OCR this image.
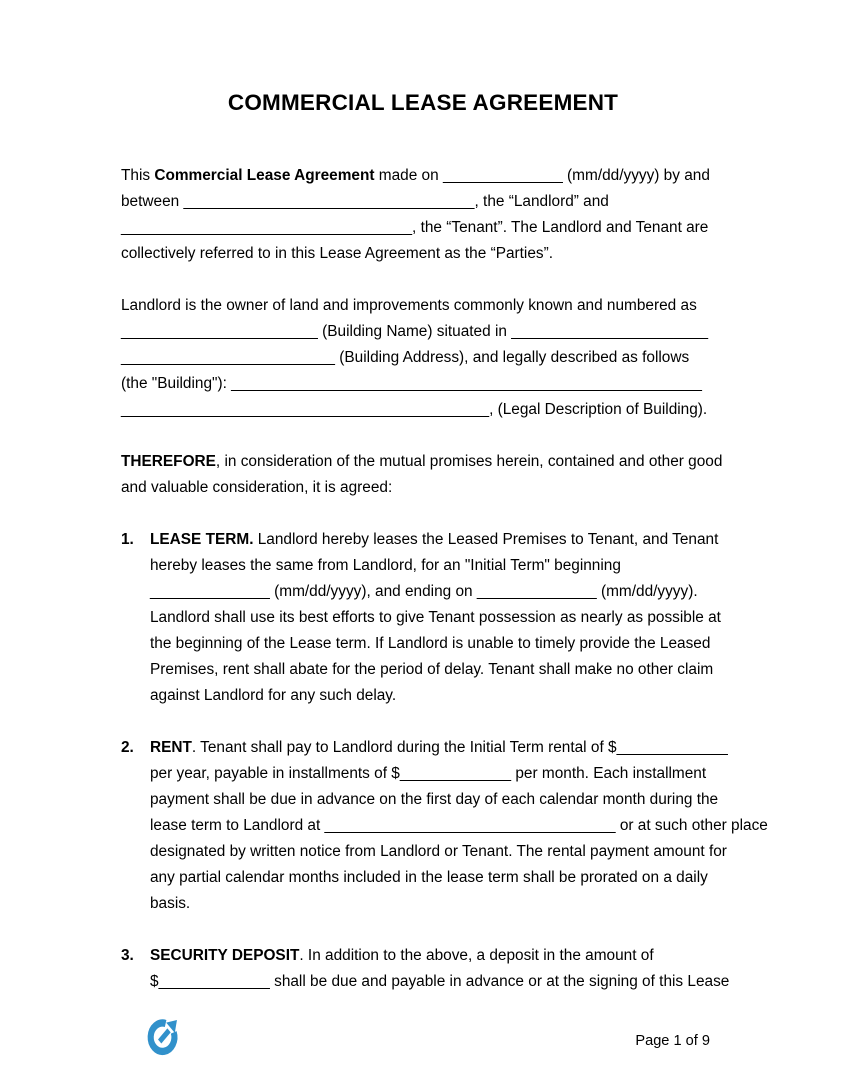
COMMERCIAL LEASE AGREEMENT
This Commercial Lease Agreement made on ______________ (mm/dd/yyyy) by and
between __________________________________, the “Landlord” and
__________________________________, the “Tenant”. The Landlord and Tenant are
collectively referred to in this Lease Agreement as the “Parties”.
Landlord is the owner of land and improvements commonly known and numbered as
_______________________ (Building Name) situated in _______________________
_________________________ (Building Address), and legally described as follows
(the "Building"): _______________________________________________________
___________________________________________, (Legal Description of Building).
THEREFORE, in consideration of the mutual promises herein, contained and other good
and valuable consideration, it is agreed:
1.	LEASE TERM. Landlord hereby leases the Leased Premises to Tenant, and Tenant
hereby leases the same from Landlord, for an "Initial Term" beginning
______________ (mm/dd/yyyy), and ending on ______________ (mm/dd/yyyy).
Landlord shall use its best efforts to give Tenant possession as nearly as possible at
the beginning of the Lease term. If Landlord is unable to timely provide the Leased
Premises, rent shall abate for the period of delay. Tenant shall make no other claim
against Landlord for any such delay.
2.	RENT. Tenant shall pay to Landlord during the Initial Term rental of $_____________
per year, payable in installments of $_____________ per month. Each installment
payment shall be due in advance on the first day of each calendar month during the
lease term to Landlord at __________________________________ or at such other place
designated by written notice from Landlord or Tenant. The rental payment amount for
any partial calendar months included in the lease term shall be prorated on a daily
basis.
3.	SECURITY DEPOSIT. In addition to the above, a deposit in the amount of
$_____________ shall be due and payable in advance or at the signing of this Lease
Page 1 of 9
